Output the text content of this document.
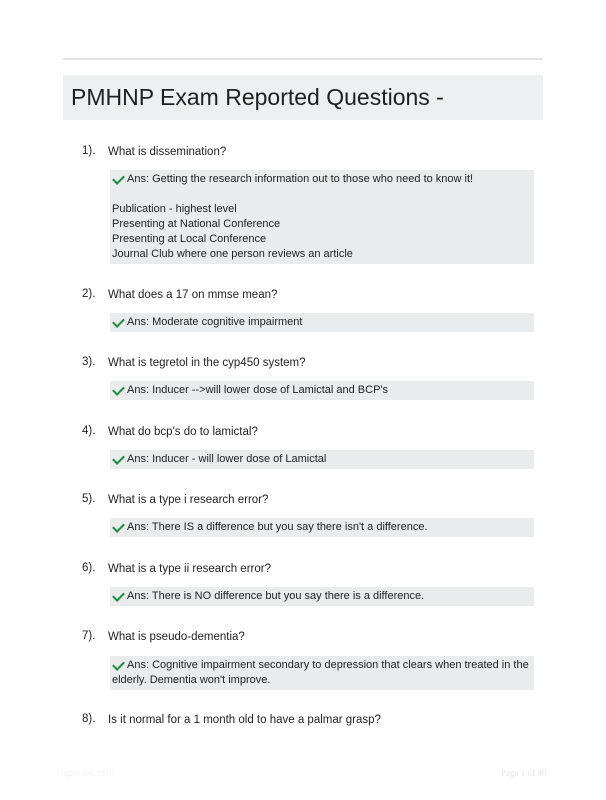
PMHNP Exam Reported Questions -
1). What is dissemination?
Ans: Getting the research information out to those who need to know it!
Publication - highest level
Presenting at National Conference
Presenting at Local Conference
Journal Club where one person reviews an article
2). What does a 17 on mmse mean?
Ans: Moderate cognitive impairment
3). What is tegretol in the cyp450 system?
Ans: Inducer -->will lower dose of Lamictal and BCP's
4). What do bcp's do to lamictal?
Ans: Inducer - will lower dose of Lamictal
5). What is a type i research error?
Ans: There IS a difference but you say there isn't a difference.
6). What is a type ii research error?
Ans: There is NO difference but you say there is a difference.
7). What is pseudo-dementia?
Ans: Cognitive impairment secondary to depression that clears when treated in the
elderly. Dementia won't improve.
8). Is it normal for a 1 month old to have a palmar grasp?
Paperlibc.com	Page 1 of 46
